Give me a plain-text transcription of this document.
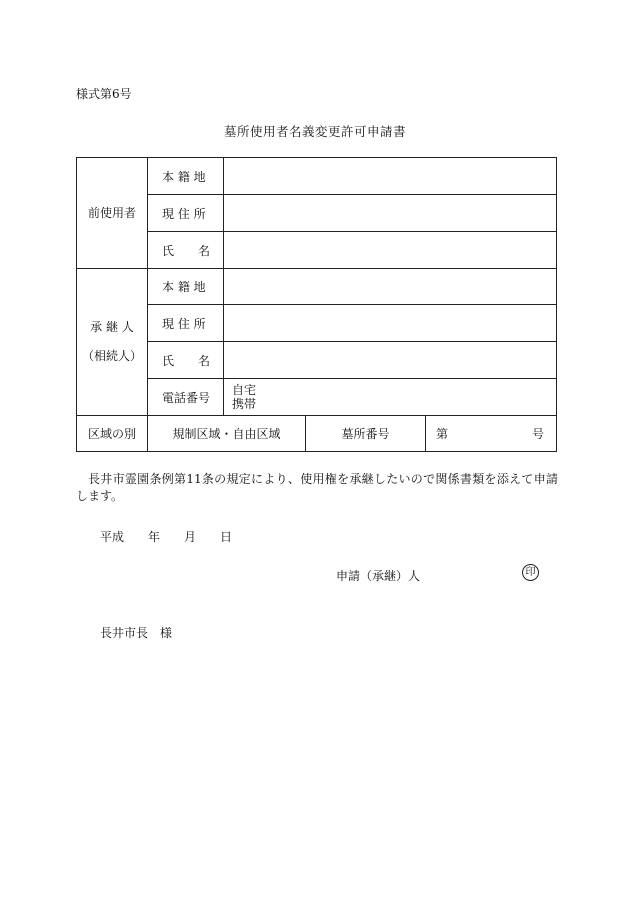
様式第6号
墓所使用者名義変更許可申請書
前使用者	本 籍 地			
	現 住 所			
	氏　　名			

承 継 人
（相続人）	本 籍 地			
	現 住 所			
	氏　　名			
	電話番号	自宅
携帯		

区域の別	規制区域・自由区域		墓所番号	第 号
長井市霊園条例第11条の規定により、使用権を承継したいので関係書類を添えて申請します。
平成　　年　　月　　日
申請（承継）人	印
長井市長　様
